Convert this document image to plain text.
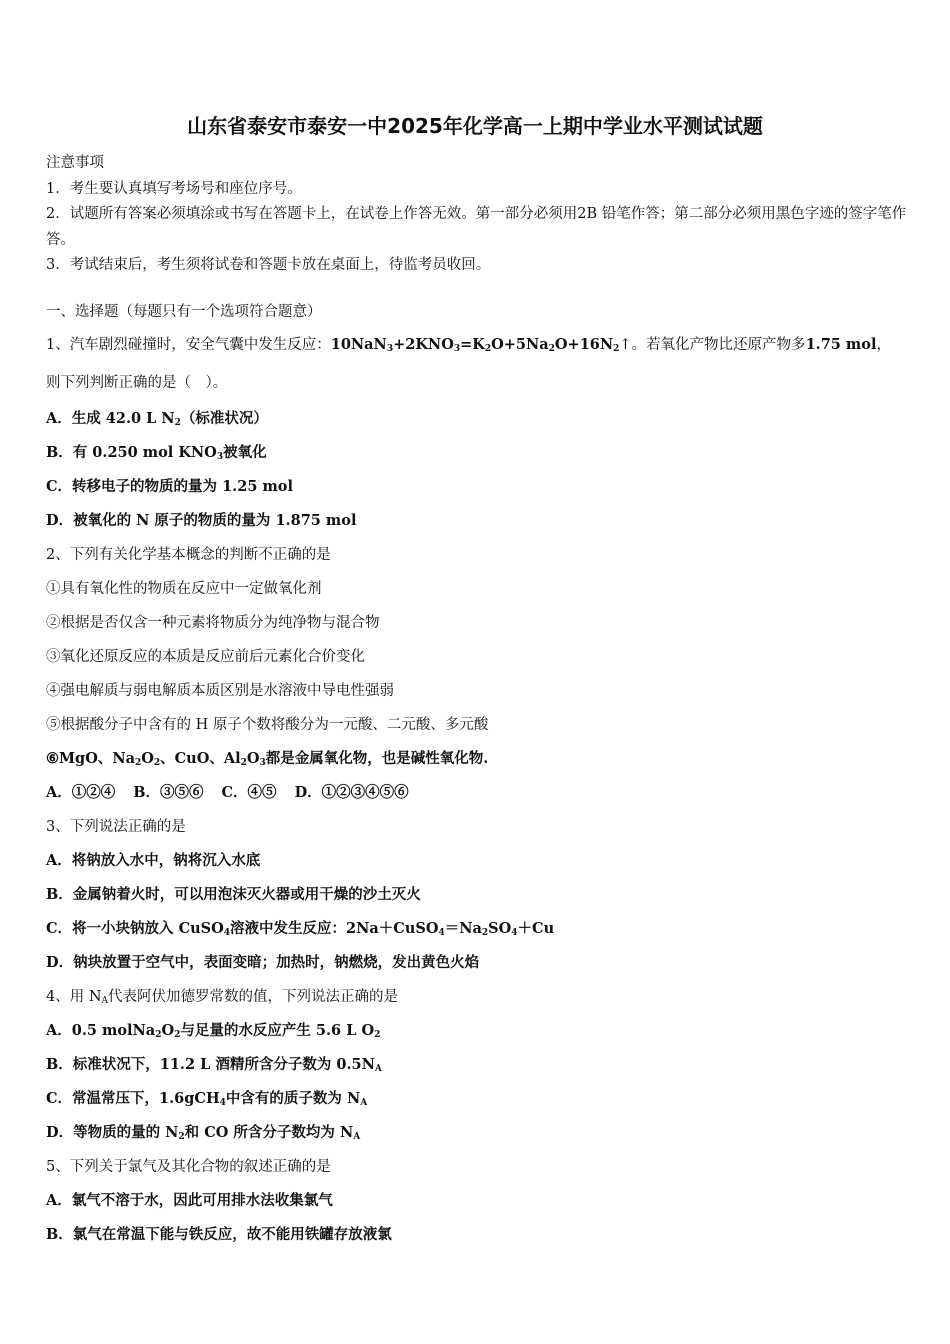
山东省泰安市泰安一中2025年化学高一上期中学业水平测试试题
注意事项
1．考生要认真填写考场号和座位序号。
2．试题所有答案必须填涂或书写在答题卡上，在试卷上作答无效。第一部分必须用2B 铅笔作答；第二部分必须用黑色字迹的签字笔作答。
3．考试结束后，考生须将试卷和答题卡放在桌面上，待监考员收回。
一、选择题（每题只有一个选项符合题意）
1、汽车剧烈碰撞时，安全气囊中发生反应：$10NaN_3+2KNO_3=K_2O+5Na_2O+16N_2↑$。若氧化产物比还原产物多1.75 mol，
则下列判断正确的是（　）。
A．生成 42.0 L $N_2$（标准状况）
B．有 0.250 mol $KNO_3$被氧化
C．转移电子的物质的量为 1.25 mol
D．被氧化的 N 原子的物质的量为 1.875 mol
2、下列有关化学基本概念的判断不正确的是
①具有氧化性的物质在反应中一定做氧化剂
②根据是否仅含一种元素将物质分为纯净物与混合物
③氧化还原反应的本质是反应前后元素化合价变化
④强电解质与弱电解质本质区别是水溶液中导电性强弱
⑤根据酸分子中含有的 H 原子个数将酸分为一元酸、二元酸、多元酸
⑥MgO、$Na_2O_2$、CuO、$Al_2O_3$都是金属氧化物，也是碱性氧化物.
A．①②④ B．③⑤⑥ C．④⑤ D．①②③④⑤⑥
3、下列说法正确的是
A．将钠放入水中，钠将沉入水底
B．金属钠着火时，可以用泡沫灭火器或用干燥的沙土灭火
C．将一小块钠放入 CuSO$_4$溶液中发生反应：$2Na+CuSO_4=Na_2SO_4+Cu$
D．钠块放置于空气中，表面变暗；加热时，钠燃烧，发出黄色火焰
4、用 $N_A$代表阿伏加德罗常数的值，下列说法正确的是
A．0.5 $molNa_2O_2$与足量的水反应产生 5.6 L $O_2$
B．标准状况下，11.2 L 酒精所含分子数为 $0.5N_A$
C．常温常压下，1.6gCH$_4$中含有的质子数为 $N_A$
D．等物质的量的 $N_2$和 CO 所含分子数均为 $N_A$
5、下列关于氯气及其化合物的叙述正确的是
A．氯气不溶于水，因此可用排水法收集氯气
B．氯气在常温下能与铁反应，故不能用铁罐存放液氯
